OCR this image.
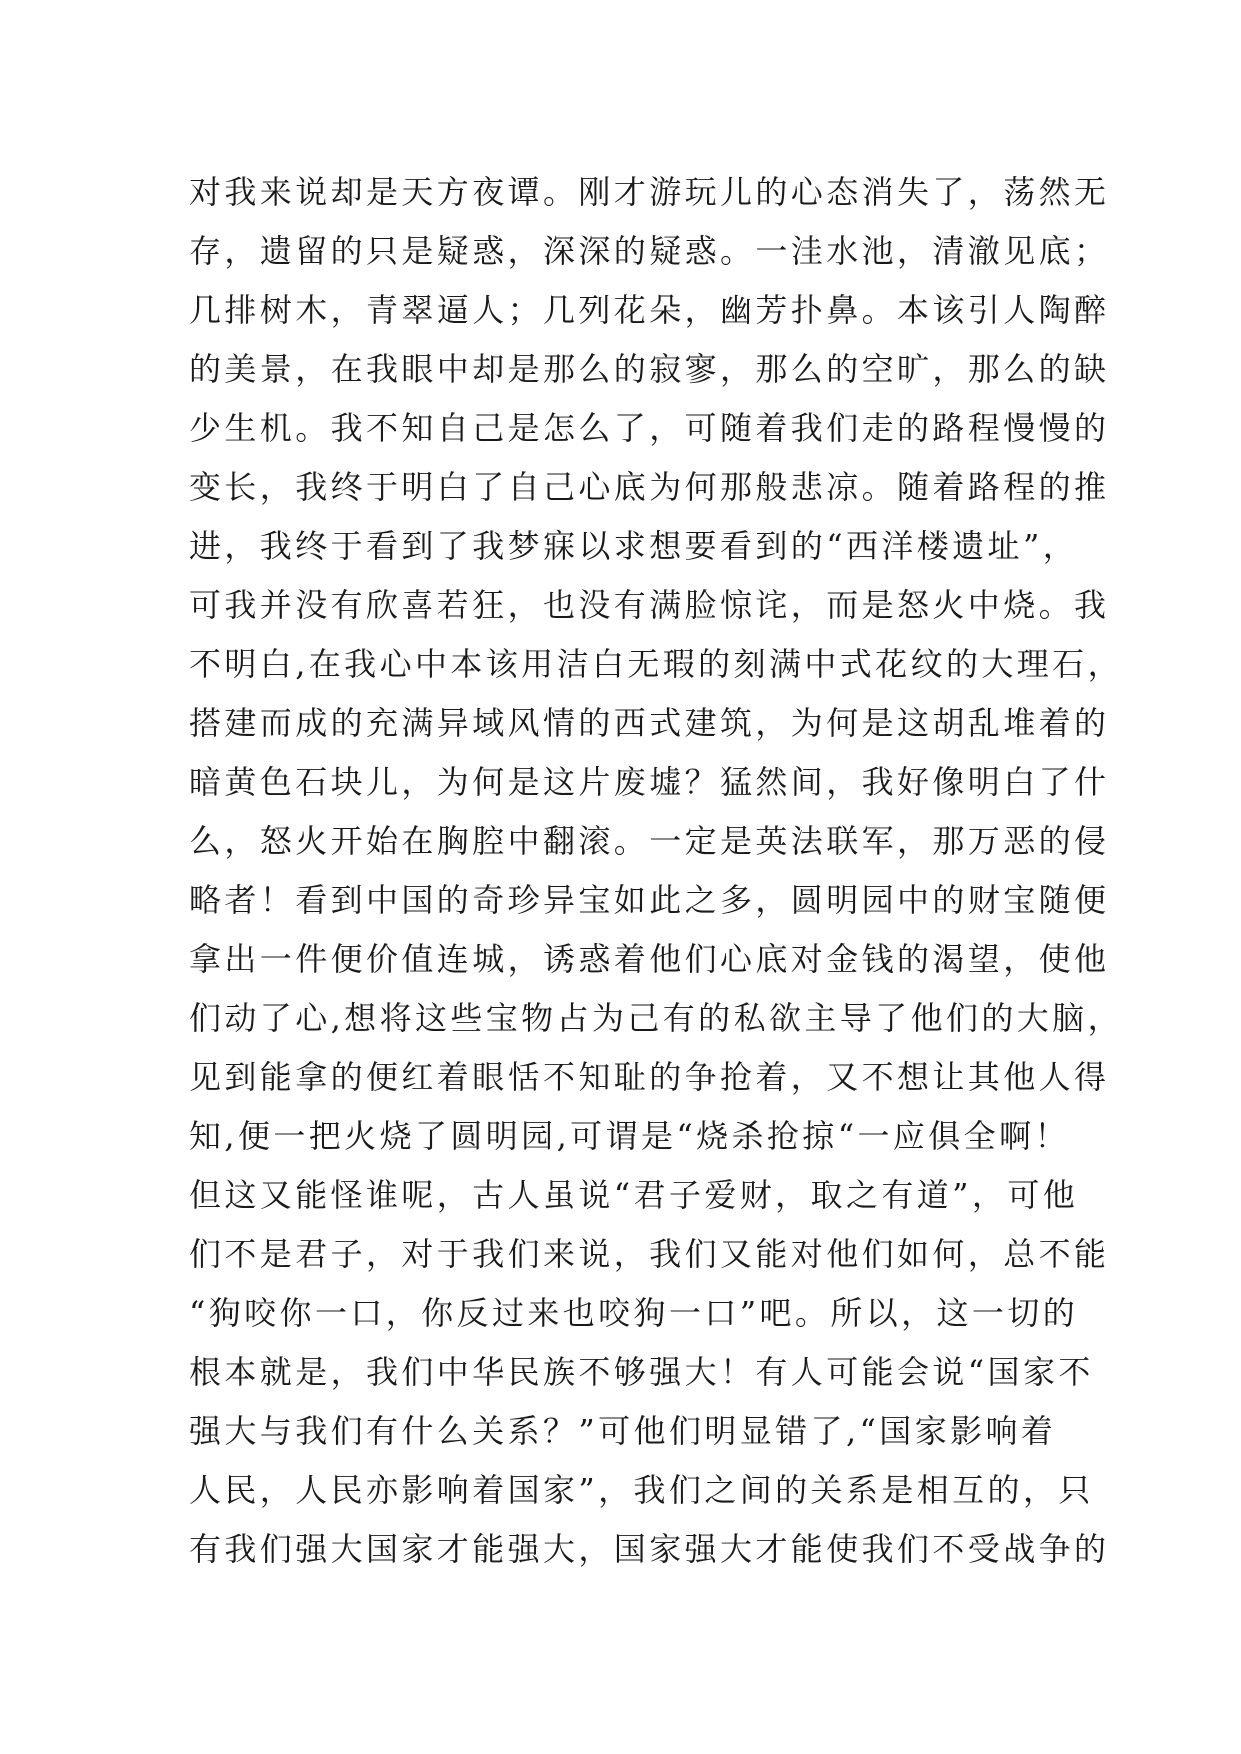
对我来说却是天方夜谭。刚才游玩儿的心态消失了，荡然无
存，遗留的只是疑惑，深深的疑惑。一洼水池，清澈见底；
几排树木，青翠逼人；几列花朵，幽芳扑鼻。本该引人陶醉
的美景，在我眼中却是那么的寂寥，那么的空旷，那么的缺
少生机。我不知自己是怎么了，可随着我们走的路程慢慢的
变长，我终于明白了自己心底为何那般悲凉。随着路程的推
进，我终于看到了我梦寐以求想要看到的“西洋楼遗址”，
可我并没有欣喜若狂，也没有满脸惊诧，而是怒火中烧。我
不明白,在我心中本该用洁白无瑕的刻满中式花纹的大理石，
搭建而成的充满异域风情的西式建筑，为何是这胡乱堆着的
暗黄色石块儿，为何是这片废墟？猛然间，我好像明白了什
么，怒火开始在胸腔中翻滚。一定是英法联军，那万恶的侵
略者！看到中国的奇珍异宝如此之多，圆明园中的财宝随便
拿出一件便价值连城，诱惑着他们心底对金钱的渴望，使他
们动了心,想将这些宝物占为己有的私欲主导了他们的大脑，
见到能拿的便红着眼恬不知耻的争抢着，又不想让其他人得
知,便一把火烧了圆明园,可谓是“烧杀抢掠“一应俱全啊！
但这又能怪谁呢，古人虽说“君子爱财，取之有道”，可他
们不是君子，对于我们来说，我们又能对他们如何，总不能
“狗咬你一口，你反过来也咬狗一口”吧。所以，这一切的
根本就是，我们中华民族不够强大！有人可能会说“国家不
强大与我们有什么关系？”可他们明显错了,“国家影响着
人民，人民亦影响着国家”，我们之间的关系是相互的，只
有我们强大国家才能强大，国家强大才能使我们不受战争的
